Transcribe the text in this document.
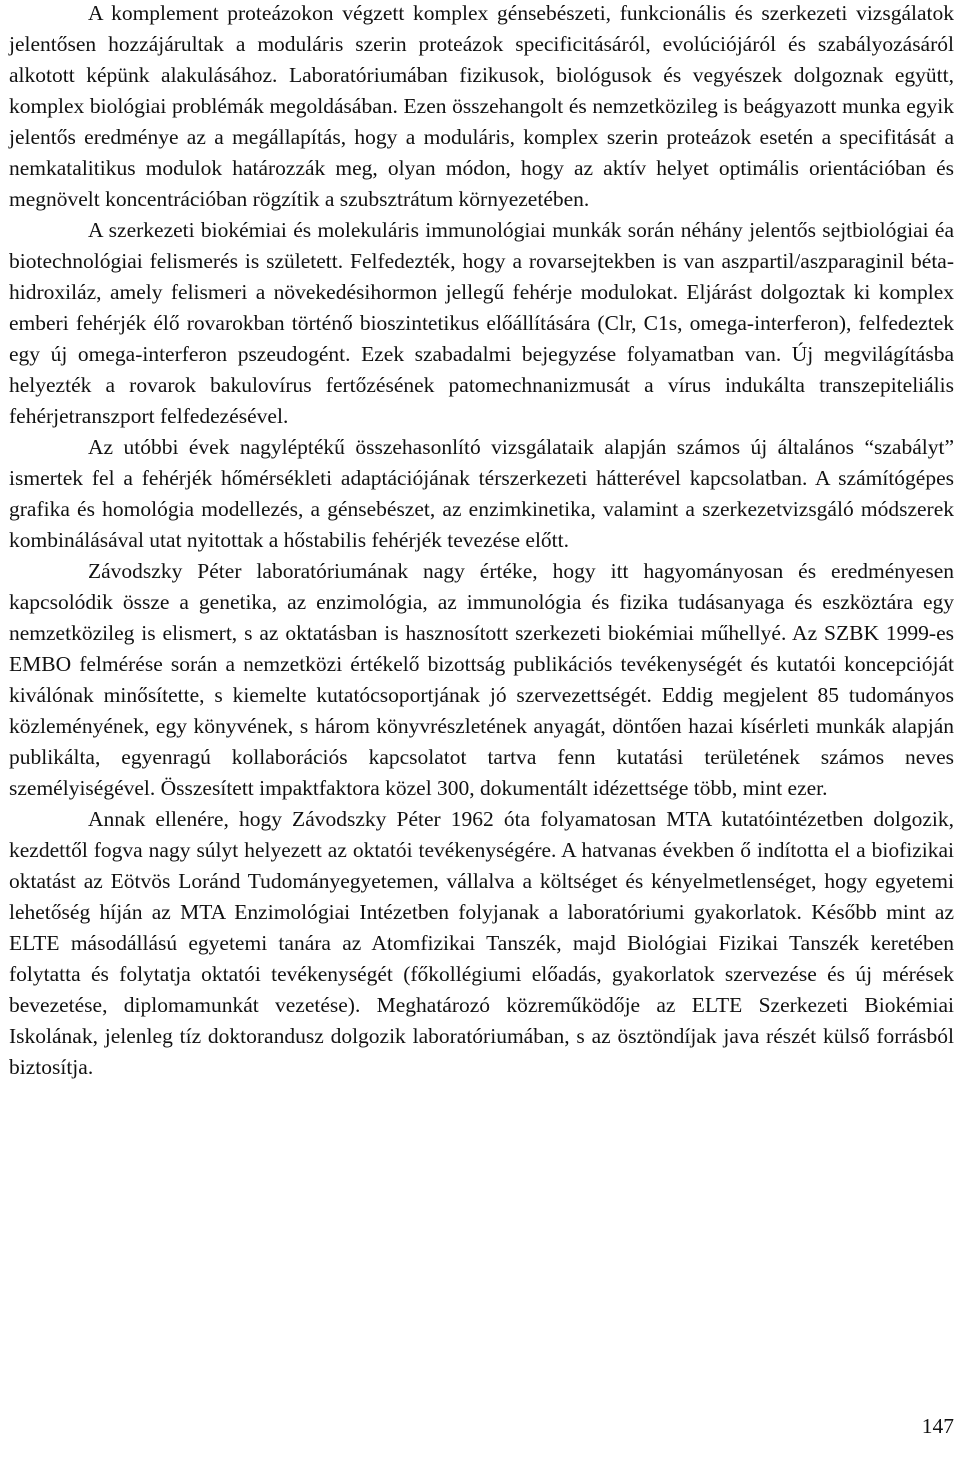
A komplement proteázokon végzett komplex génsebészeti, funkcionális és szerkezeti vizsgálatok jelentősen hozzájárultak a moduláris szerin proteázok specificitásáról, evolúciójáról és szabályozásáról alkotott képünk alakulásához. Laboratóriumában fizikusok, biológusok és vegyészek dolgoznak együtt, komplex biológiai problémák megoldásában. Ezen összehangolt és nemzetközileg is beágyazott munka egyik jelentős eredménye az a megállapítás, hogy a moduláris, komplex szerin proteázok esetén a specifitását a nemkatalitikus modulok határozzák meg, olyan módon, hogy az aktív helyet optimális orientációban és megnövelt koncentrációban rögzítik a szubsztrátum környezetében.

A szerkezeti biokémiai és molekuláris immunológiai munkák során néhány jelentős sejtbiológiai éa biotechnológiai felismerés is született. Felfedezték, hogy a rovarsejtekben is van aszpartil/aszparaginil béta-hidroxiláz, amely felismeri a növekedésihormon jellegű fehérje modulokat. Eljárást dolgoztak ki komplex emberi fehérjék élő rovarokban történő bioszintetikus előállítására (Clr, C1s, omega-interferon), felfedeztek egy új omega-interferon pszeudogént. Ezek szabadalmi bejegyzése folyamatban van. Új megvilágításba helyezték a rovarok bakulovírus fertőzésének patomechnanizmusát a vírus indukálta transzepiteliális fehérjetranszport felfedezésével.

Az utóbbi évek nagyléptékű összehasonlító vizsgálataik alapján számos új általános “szabályt” ismertek fel a fehérjék hőmérsékleti adaptációjának térszerkezeti hátterével kapcsolatban. A számítógépes grafika és homológia modellezés, a génsebészet, az enzimkinetika, valamint a szerkezetvizsgáló módszerek kombinálásával utat nyitottak a hőstabilis fehérjék tevezése előtt.

Závodszky Péter laboratóriumának nagy értéke, hogy itt hagyományosan és eredményesen kapcsolódik össze a genetika, az enzimológia, az immunológia és fizika tudásanyaga és eszköztára egy nemzetközileg is elismert, s az oktatásban is hasznosított szerkezeti biokémiai műhellyé. Az SZBK 1999-es EMBO felmérése során a nemzetközi értékelő bizottság publikációs tevékenységét és kutatói koncepcióját kiválónak minősítette, s kiemelte kutatócsoportjának jó szervezettségét. Eddig megjelent 85 tudományos közleményének, egy könyvének, s három könyvrészletének anyagát, döntően hazai kísérleti munkák alapján publikálta, egyenragú kollaborációs kapcsolatot tartva fenn kutatási területének számos neves személyiségével. Összesített impaktfaktora közel 300, dokumentált idézettsége több, mint ezer.

Annak ellenére, hogy Závodszky Péter 1962 óta folyamatosan MTA kutatóintézetben dolgozik, kezdettől fogva nagy súlyt helyezett az oktatói tevékenységére. A hatvanas években ő indította el a biofizikai oktatást az Eötvös Loránd Tudományegyetemen, vállalva a költséget és kényelmetlenséget, hogy egyetemi lehetőség híján az MTA Enzimológiai Intézetben folyjanak a laboratóriumi gyakorlatok. Később mint az ELTE másodállású egyetemi tanára az Atomfizikai Tanszék, majd Biológiai Fizikai Tanszék keretében folytatta és folytatja oktatói tevékenységét (főkollégiumi előadás, gyakorlatok szervezése és új mérések bevezetése, diplomamunkát vezetése). Meghatározó közreműködője az ELTE Szerkezeti Biokémiai Iskolának, jelenleg tíz doktorandusz dolgozik laboratóriumában, s az ösztöndíjak java részét külső forrásból biztosítja.

147
